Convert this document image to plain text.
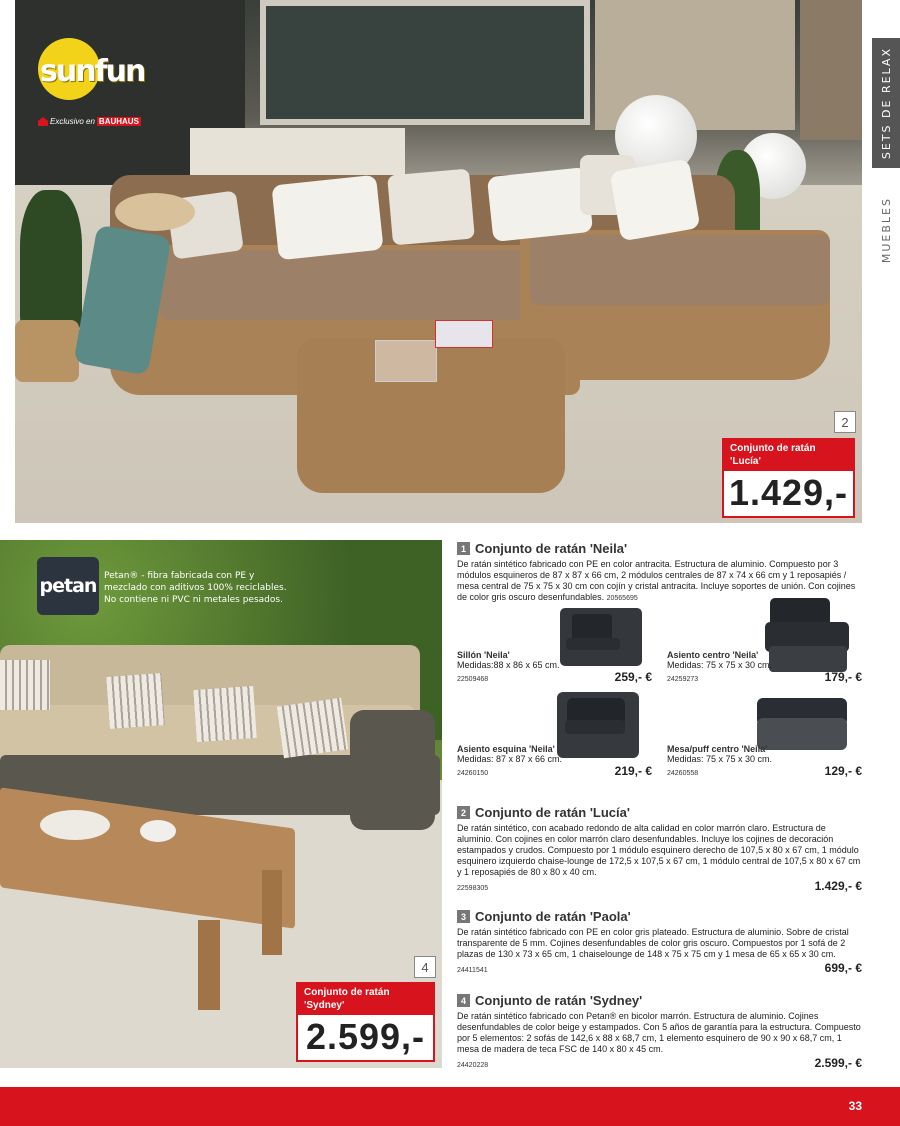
sunfun
Exclusivo en BAUHAUS
2
Conjunto de ratán 'Lucía'
1.429,-
SETS DE RELAX
MUEBLES
petan Petan® - fibra fabricada con PE y mezclado con aditivos 100% reciclables. No contiene ni PVC ni metales pesados.
4
Conjunto de ratán 'Sydney'
2.599,-
1 Conjunto de ratán 'Neila'
De ratán sintético fabricado con PE en color antracita. Estructura de aluminio. Compuesto por 3 módulos esquineros de 87 x 87 x 66 cm, 2 módulos centrales de 87 x 74 x 66 cm y 1 reposapiés / mesa central de 75 x 75 x 30 cm con cojín y cristal antracita. Incluye soportes de unión. Con cojines de color gris oscuro desenfundables. 20565695
Sillón 'Neila'
Medidas:88 x 86 x 65 cm.
22509468	259,- €
Asiento centro 'Neila'
Medidas: 75 x 75 x 30 cm.
24259273	179,- €
Asiento esquina 'Neila'
Medidas: 87 x 87 x 66 cm.
24260150	219,- €
Mesa/puff centro 'Neila'
Medidas: 75 x 75 x 30 cm.
24260558	129,- €
2 Conjunto de ratán 'Lucía'
De ratán sintético, con acabado redondo de alta calidad en color marrón claro. Estructura de aluminio. Con cojines en color marrón claro desenfundables. Incluye los cojines de decoración estampados y crudos. Compuesto por 1 módulo esquinero derecho de 107,5 x 80 x 67 cm, 1 módulo esquinero izquierdo chaise-lounge de 172,5 x 107,5 x 67 cm, 1 módulo central de 107,5 x 80 x 67 cm y 1 reposapiés de 80 x 80 x 40 cm.
22598305	1.429,- €
3 Conjunto de ratán 'Paola'
De ratán sintético fabricado con PE en color gris plateado. Estructura de aluminio. Sobre de cristal transparente de 5 mm. Cojines desenfundables de color gris oscuro. Compuestos por 1 sofá de 2 plazas de 130 x 73 x 65 cm, 1 chaiselounge de 148 x 75 x 75 cm y 1 mesa de 65 x 65 x 30 cm.
24411541	699,- €
4 Conjunto de ratán 'Sydney'
De ratán sintético fabricado con Petan® en bicolor marrón. Estructura de aluminio. Cojines desenfundables de color beige y estampados. Con 5 años de garantía para la estructura. Compuesto por 5 elementos: 2 sofás de 142,6 x 88 x 68,7 cm, 1 elemento esquinero de 90 x 90 x 68,7 cm, 1 mesa de madera de teca FSC de 140 x 80 x 45 cm.
24420228	2.599,- €
33
